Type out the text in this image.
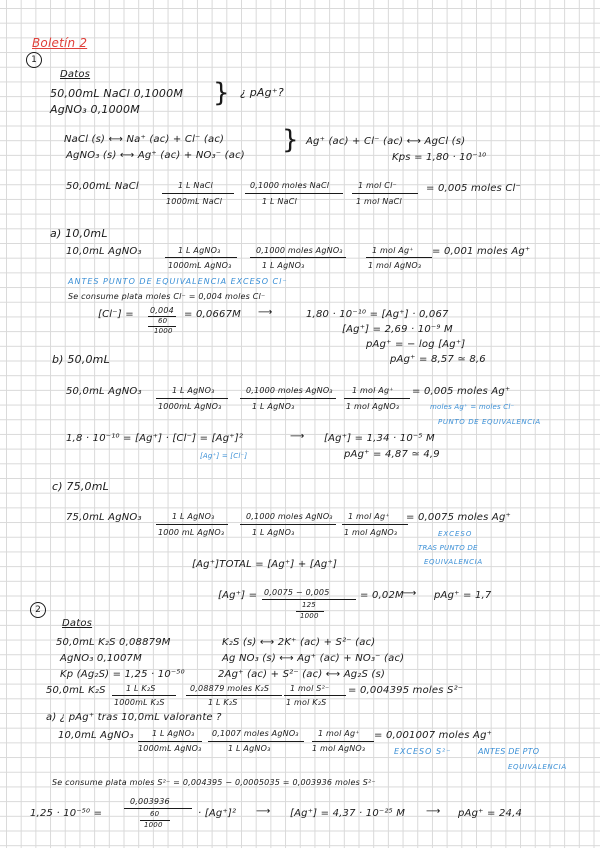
Boletín 2
1
Datos
50,00mL NaCl 0,1000M } ¿ pAg⁺?
AgNO₃ 0,1000M
NaCl (s) ⟷ Na⁺ (ac) + Cl⁻ (ac)
AgNO₃ (s) ⟷ Ag⁺ (ac) + NO₃⁻ (ac)
} Ag⁺ (ac) + Cl⁻ (ac) ⟷ AgCl (s)
Kps = 1,80 · 10⁻¹⁰
50,00mL NaCl	1 L NaCl
1000mL NaCl
0,1000 moles NaCl
1 L NaCl
1 mol Cl⁻
1 mol NaCl
= 0,005 moles Cl⁻
a) 10,0mL
10,0mL AgNO₃	1 L AgNO₃
1000mL AgNO₃
0,1000 moles AgNO₃
1 L AgNO₃
1 mol Ag⁺
1 mol AgNO₃
= 0,001 moles Ag⁺
ANTES PUNTO DE EQUIVALENCIA EXCESO Cl⁻
Se consume plata moles Cl⁻ = 0,004 moles Cl⁻
[Cl⁻] = 0,004
60
1000
= 0,0667M ⟶	1,80 · 10⁻¹⁰ = [Ag⁺] · 0,067
[Ag⁺] = 2,69 · 10⁻⁹ M
pAg⁺ = − log [Ag⁺]
pAg⁺ = 8,57 ≃ 8,6
b) 50,0mL
50,0mL AgNO₃	1 L AgNO₃
1000mL AgNO₃
0,1000 moles AgNO₃
1 L AgNO₃
1 mol Ag⁺
1 mol AgNO₃
= 0,005 moles Ag⁺
moles Ag⁺ = moles Cl⁻
PUNTO DE EQUIVALENCIA
1,8 · 10⁻¹⁰ = [Ag⁺] · [Cl⁻] = [Ag⁺]²	⟶ [Ag⁺] = 1,34 · 10⁻⁵ M
[Ag⁺] = [Cl⁻]	pAg⁺ = 4,87 ≃ 4,9
c) 75,0mL
75,0mL AgNO₃	1 L AgNO₃
1000 mL AgNO₃
0,1000 moles AgNO₃
1 L AgNO₃
1 mol Ag⁺
1 mol AgNO₃
= 0,0075 moles Ag⁺
EXCESO
TRAS PUNTO DE
EQUIVALENCIA
[Ag⁺]TOTAL = [Ag⁺] + [Ag⁺]
[Ag⁺] = 0,0075 − 0,005
125
1000
= 0,02M
⟶ pAg⁺ = 1,7
2
Datos
50,0mL K₂S 0,08879M
AgNO₃ 0,1007M
Kp (Ag₂S) = 1,25 · 10⁻⁵⁰
K₂S (s) ⟷ 2K⁺ (ac) + S²⁻ (ac)
Ag NO₃ (s) ⟷ Ag⁺ (ac) + NO₃⁻ (ac)
2Ag⁺ (ac) + S²⁻ (ac) ⟷ Ag₂S (s)
50,0mL K₂S	1 L K₂S
1000mL K₂S
0,08879 moles K₂S
1 L K₂S
1 mol S²⁻
1 mol K₂S
= 0,004395 moles S²⁻
a) ¿ pAg⁺ tras 10,0mL valorante ?
10,0mL AgNO₃ 1 L AgNO₃
1000mL AgNO₃
0,1007 moles AgNO₃
1 L AgNO₃
1 mol Ag⁺
1 mol AgNO₃
= 0,001007 moles Ag⁺
EXCESO S²⁻	ANTES DE PTO
EQUIVALENCIA
Se consume plata moles S²⁻ = 0,004395 − 0,0005035 = 0,003936 moles S²⁻
1,25 · 10⁻⁵⁰ =
0,003936
60
1000
· [Ag⁺]² ⟶ [Ag⁺] = 4,37 · 10⁻²⁵ M ⟶ pAg⁺ = 24,4
